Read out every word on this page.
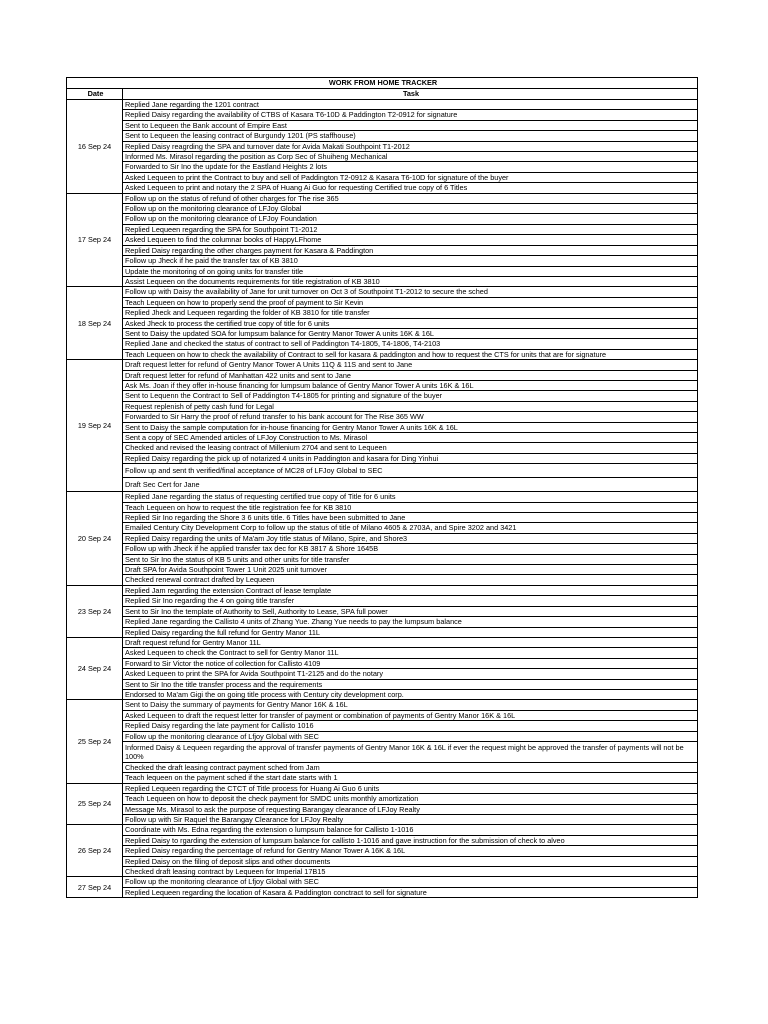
WORK FROM HOME TRACKER	
Date	Task
16 Sep 24	Replied Jane regarding the 1201 contract
	Replied Daisy regarding the availability of CTBS of Kasara T6-10D & Paddington T2-0912 for signature
	Sent to Lequeen the Bank account of Empire East
	Sent to Lequeen the leasing contract of Burgundy 1201 (PS staffhouse)
	Replied Daisy reagrding the SPA and turnover date for Avida Makati Southpoint T1-2012
	Informed Ms. Mirasol regarding the position as Corp Sec of Shuiheng Mechanical
	Forwarded to Sir Ino the update for the Eastland Heights 2 lots
	Asked Lequeen to print the Contract to buy and sell of Paddington T2-0912 & Kasara T6-10D for signature of the buyer
	Asked Lequeen to print and notary the 2 SPA of Huang Ai Guo for requesting Certified true copy of 6 Titles
17 Sep 24	Follow up on the status of refund of other charges for The rise 365
	Follow up on the monitoring clearance of LFJoy Global
	Follow up on the monitoring clearance of LFJoy Foundation
	Replied Lequeen regarding the SPA for Southpoint T1-2012
	Asked Lequeen to find the columnar books of HappyLFhome
	Replied Daisy regarding the other charges payment for Kasara & Paddington
	Follow up Jheck if he paid the transfer tax of KB 3810
	Update the monitoring of on going units for transfer title
	Assist Lequeen on the documents requirements for title registration of KB 3810
18 Sep 24	Follow up with Daisy the availability of Jane for unit turnover on Oct 3 of Southpoint T1-2012 to secure the sched
	Teach Lequeen on how to properly send the proof of payment to Sir Kevin
	Replied Jheck and Lequeen regarding the folder of KB 3810 for title transfer
	Asked Jheck to process the certified true copy of title for 6 units
	Sent to Daisy the updated SOA for lumpsum balance for Gentry Manor Tower A units 16K & 16L
	Replied Jane and checked the status of contract to sell of Paddington T4-1805, T4-1806, T4-2103
	Teach Lequeen on how to check the availability of Contract to sell for kasara & paddington and how to request the CTS for units that are for signature
19 Sep 24	Draft request letter for refund of Gentry Manor Tower A Units 11Q & 11S and sent to Jane
	Draft request letter for refund of Manhattan 422 units and sent to Jane
	Ask Ms. Joan if they offer in-house financing for lumpsum balance of Gentry Manor Tower A units 16K & 16L
	Sent to Lequenn the Contract to Sell of Paddington T4-1805 for printing and signature of the buyer
	Request replenish of petty cash fund for Legal
	Forwarded to Sir Harry the proof of refund transfer to his bank account for The Rise 365 WW
	Sent to Daisy the sample computation for in-house financing for Gentry Manor Tower A units 16K & 16L
	Sent a copy of SEC Amended articles of LFJoy Construction to Ms. Mirasol
	Checked and revised the leasing contract of Millenium 2704 and sent to Lequeen
	Replied Daisy regarding the pick up of notarized 4 units in Paddington and kasara for Ding Yinhui
	Follow up and sent th verified/final acceptance of MC28 of LFJoy Global to SEC
	Draft Sec Cert for Jane
20 Sep 24	Replied Jane regarding the status of requesting certified true copy of Title for 6 units
	Teach Lequeen on how to request the title registration fee for KB 3810
	Replied Sir Ino regarding the Shore 3 6 units title. 6 Titles have been submitted to Jane
	Emailed Century City Development Corp to follow up the status of title of Milano 4605 & 2703A, and Spire 3202 and 3421
	Replied Daisy regarding the units of Ma'am Joy title status of Milano, Spire, and Shore3
	Follow up with Jheck if he applied transfer tax dec for KB 3817 & Shore 1645B
	Sent to Sir Ino the status of KB 5 units and other units for title transfer
	Draft SPA for Avida Southpoint Tower 1 Unit 2025 unit turnover
	Checked renewal contract drafted by Lequeen
23 Sep 24	Replied Jam regarding the extension Contract of lease template
	Replied Sir Ino regarding the 4 on going title transfer
	Sent to Sir Ino the template of Authority to Sell, Authority to Lease, SPA full power
	Replied Jane regarding the Callisto 4 units of Zhang Yue. Zhang Yue needs to pay the lumpsum balance
	Replied Daisy regarding the full refund for Gentry Manor 11L
24 Sep 24	Draft request refund for Gentry Manor 11L
	Asked Lequeen to check the Contract to sell for Gentry Manor 11L
	Forward to Sir Victor the notice of collection for Callisto 4109
	Asked Lequeen to print the SPA for Avida Southpoint T1-2125 and do the notary
	Sent to Sir Ino the title transfer process and the requirements
	Endorsed to Ma'am Gigi the on going title process with Century city development corp.
25 Sep 24	Sent to Daisy the summary of payments for Gentry Manor 16K & 16L
	Asked Lequeen to draft the request letter for transfer of payment or combination of payments of Gentry Manor 16K & 16L
	Replied Daisy regarding the late payment for Callisto 1016
	Follow up the monitoring clearance of Lfjoy Global with SEC
	Informed Daisy & Lequeen regarding the approval of transfer payments of Gentry Manor 16K & 16L if ever the request might be approved the transfer of payments will not be 100%
	Checked the draft leasing contract payment sched from Jam
	Teach lequeen on the payment sched if the start date starts with 1
25 Sep 24	Replied Lequeen regarding the CTCT of Title process for Huang Ai Guo 6 units
	Teach Lequeen on how to deposit the check payment for SMDC units monthly amortization
	Message Ms. Mirasol to ask the purpose of requesting Barangay clearance of LFJoy Realty
	Follow up with Sir Raquel the Barangay Clearance for LFJoy Realty
26 Sep 24	Coordinate with Ms. Edna regarding the extension o lumpsum balance for Callisto 1-1016
	Replied Daisy to rgarding the extension of lumpsum balance for callisto 1-1016 and gave instruction for the submission of check to alveo
	Replied Daisy regarding the percentage of refund for Gentry Manor Tower A 16K & 16L
	Replied Daisy on the filing of deposit slips and other documents
	Checked draft leasing contract by Lequeen for Imperial 17B15
27 Sep 24	Follow up the monitoring clearance of Lfjoy Global with SEC
	Replied Lequeen regarding the location of Kasara & Paddington conctract to sell for signature
